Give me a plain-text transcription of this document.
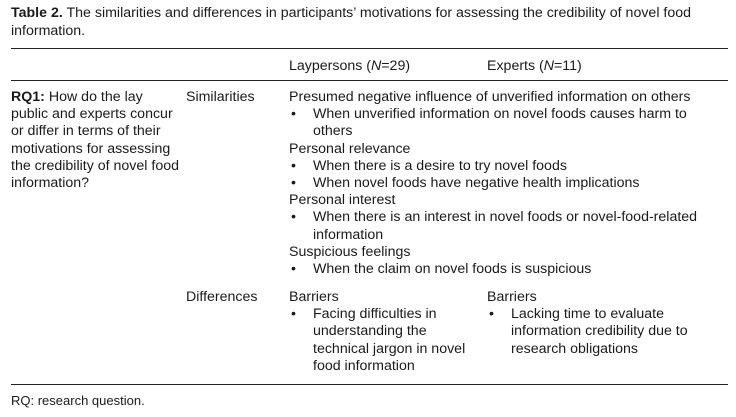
Table 2. The similarities and differences in participants’ motivations for assessing the credibility of novel food information.
Laypersons (N=29)	Experts (N=11)
RQ1: How do the lay public and experts concur or differ in terms of their motivations for assessing the credibility of novel food information?
Similarities Presumed negative influence of unverified information on others

• When unverified information on novel foods causes harm to others

Personal relevance

• When there is a desire to try novel foods
• When novel foods have negative health implications

Personal interest

• When there is an interest in novel foods or novel-food-related information

Suspicious feelings

• When the claim on novel foods is suspicious
Differences Barriers

• Facing difficulties in understanding the technical jargon in novel food information

Barriers

• Lacking time to evaluate information credibility due to research obligations
RQ: research question.
